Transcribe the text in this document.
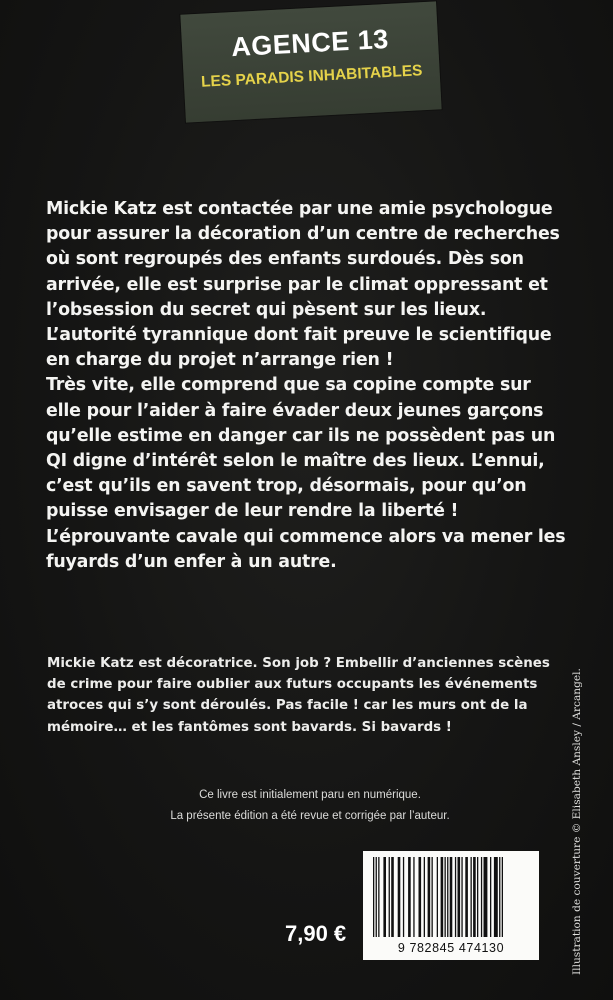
AGENCE 13
LES PARADIS INHABITABLES

Mickie Katz est contactée par une amie psychologue pour assurer la décoration d’un centre de recherches où sont regroupés des enfants surdoués. Dès son arrivée, elle est surprise par le climat oppressant et l’obsession du secret qui pèsent sur les lieux. L’autorité tyrannique dont fait preuve le scientifique en charge du projet n’arrange rien !

Très vite, elle comprend que sa copine compte sur elle pour l’aider à faire évader deux jeunes garçons qu’elle estime en danger car ils ne possèdent pas un QI digne d’intérêt selon le maître des lieux. L’ennui, c’est qu’ils en savent trop, désormais, pour qu’on puisse envisager de leur rendre la liberté !

L’éprouvante cavale qui commence alors va mener les fuyards d’un enfer à un autre.

Mickie Katz est décoratrice. Son job ? Embellir d’anciennes scènes de crime pour faire oublier aux futurs occupants les événements atroces qui s’y sont déroulés. Pas facile ! car les murs ont de la mémoire… et les fantômes sont bavards. Si bavards !

Ce livre est initialement paru en numérique.

La présente édition a été revue et corrigée par l’auteur.	Illustration de couverture © Elisabeth Ansley / Arcangel.
7,90 €
9 782845 474130
